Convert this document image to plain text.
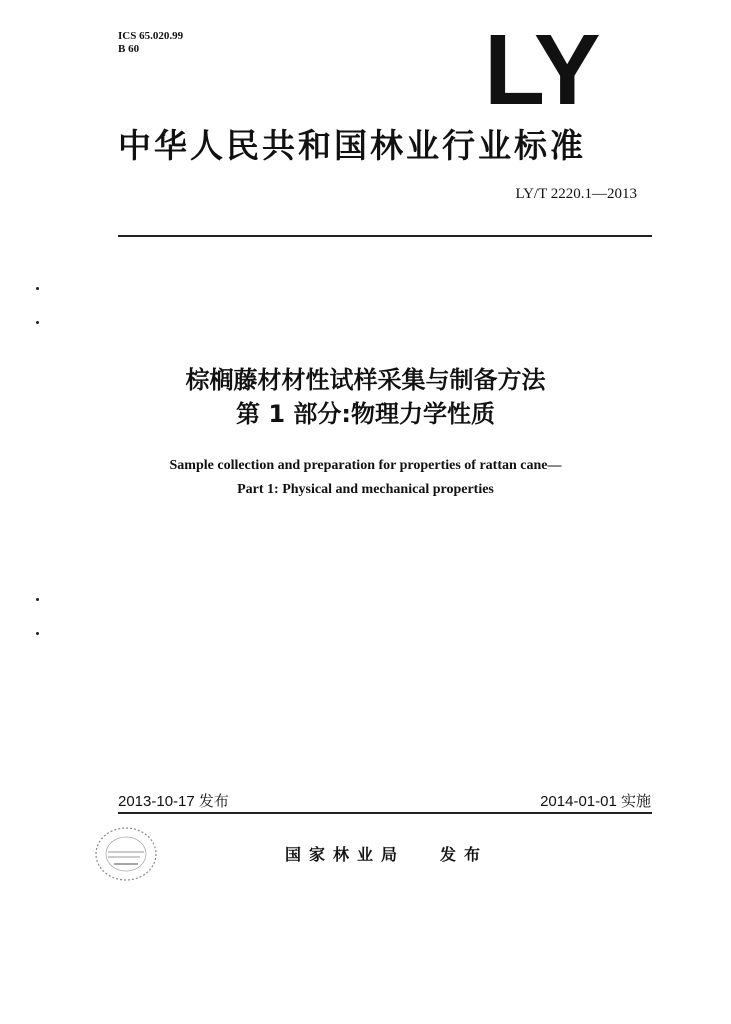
ICS 65.020.99
B 60	LY
中华人民共和国林业行业标准
LY/T 2220.1—2013
棕榈藤材材性试样采集与制备方法
第 1 部分:物理力学性质
Sample collection and preparation for properties of rattan cane—
Part 1: Physical and mechanical properties
2013-10-17 发布	2014-01-01 实施
国家林业局 发布
